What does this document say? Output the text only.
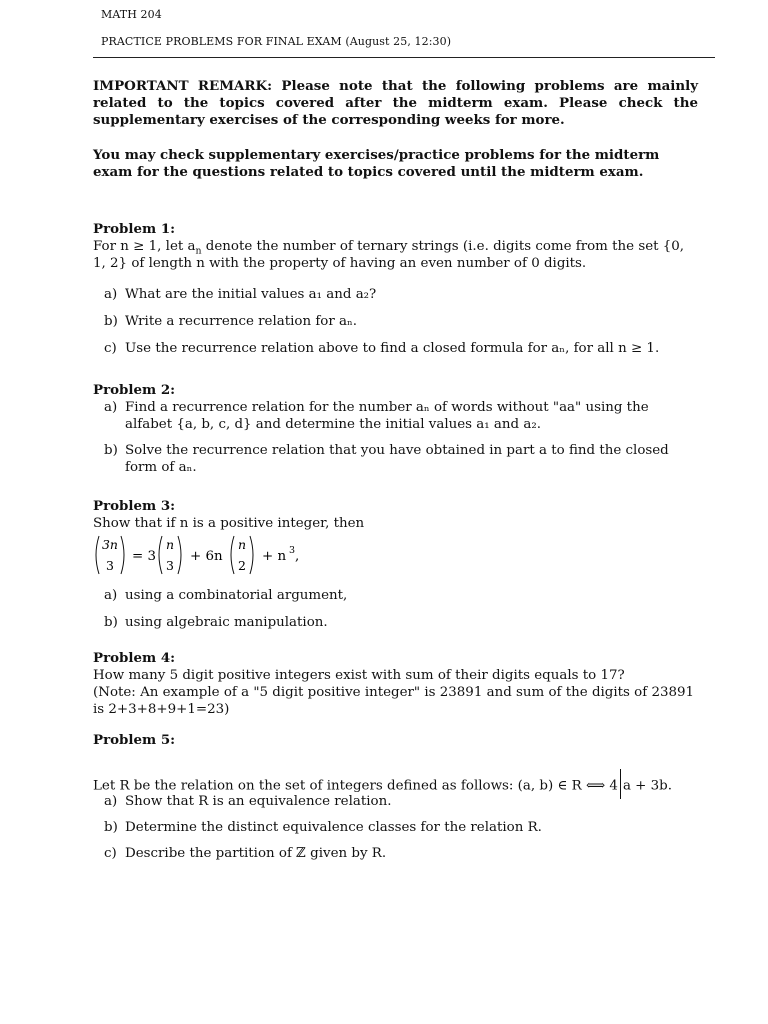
MATH 204
PRACTICE PROBLEMS FOR FINAL EXAM (August 25, 12:30)
IMPORTANT REMARK: Please note that the following problems are mainly related to the topics covered after the midterm exam. Please check the supplementary exercises of the corresponding weeks for more.
You may check supplementary exercises/practice problems for the midterm exam for the questions related to topics covered until the midterm exam.
Problem 1:
For n ≥ 1, let $a_n$ denote the number of ternary strings (i.e. digits come from the set {0, 1, 2} of length n with the property of having an even number of 0 digits.
a) What are the initial values a₁ and a₂?
b) Write a recurrence relation for aₙ.
c) Use the recurrence relation above to find a closed formula for aₙ, for all n ≥ 1.
Problem 2:
a) Find a recurrence relation for the number aₙ of words without "aa" using the alfabet {a, b, c, d} and determine the initial values a₁ and a₂.
b) Solve the recurrence relation that you have obtained in part a to find the closed form of aₙ.
Problem 3:
Show that if n is a positive integer, then
3n
3
= 3
n
3
+ 6n
n
2
+ n 3 ,
a) using a combinatorial argument,
b) using algebraic manipulation.
Problem 4:
How many 5 digit positive integers exist with sum of their digits equals to 17?
(Note: An example of a "5 digit positive integer" is 23891 and sum of the digits of 23891 is 2+3+8+9+1=23)
Problem 5:
Let R be the relation on the set of integers defined as follows: (a, b) ∈ R ⟺ 4 a + 3b.
a) Show that R is an equivalence relation.
b) Determine the distinct equivalence classes for the relation R.
c) Describe the partition of ℤ given by R.
